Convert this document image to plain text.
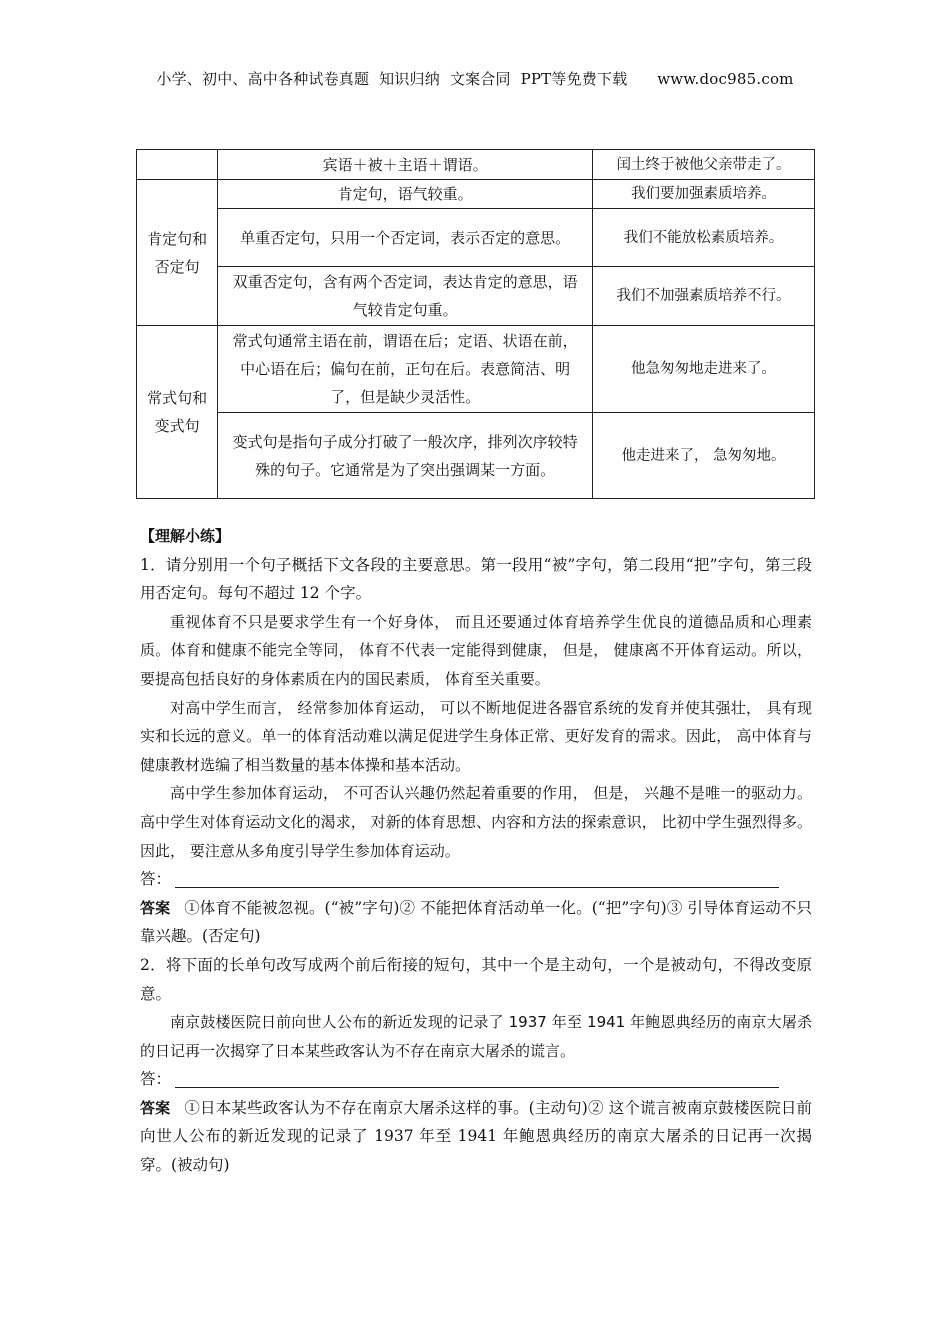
小学、初中、高中各种试卷真题  知识归纳  文案合同  PPT等免费下载      www.doc985.com
	宾语＋被＋主语＋谓语。	闰土终于被他父亲带走了。
肯定句和否定句	肯定句，语气较重。	我们要加强素质培养。
	单重否定句，只用一个否定词，表示否定的意思。	我们不能放松素质培养。
	双重否定句，含有两个否定词，表达肯定的意思，语气较肯定句重。	我们不加强素质培养不行。
常式句和变式句	常式句通常主语在前，谓语在后；定语、状语在前，中心语在后；偏句在前，正句在后。表意简洁、明了，但是缺少灵活性。	他急匆匆地走进来了。
	变式句是指句子成分打破了一般次序，排列次序较特殊的句子。它通常是为了突出强调某一方面。	他走进来了， 急匆匆地。

【理解小练】

1．请分别用一个句子概括下文各段的主要意思。第一段用“被”字句，第二段用“把”字句，第三段用否定句。每句不超过 12 个字。

重视体育不只是要求学生有一个好身体， 而且还要通过体育培养学生优良的道德品质和心理素质。体育和健康不能完全等同， 体育不代表一定能得到健康， 但是， 健康离不开体育运动。所以， 要提高包括良好的身体素质在内的国民素质， 体育至关重要。

对高中学生而言， 经常参加体育运动， 可以不断地促进各器官系统的发育并使其强壮， 具有现实和长远的意义。单一的体育活动难以满足促进学生身体正常、更好发育的需求。因此， 高中体育与健康教材选编了相当数量的基本体操和基本活动。

高中学生参加体育运动， 不可否认兴趣仍然起着重要的作用， 但是， 兴趣不是唯一的驱动力。高中学生对体育运动文化的渴求， 对新的体育思想、内容和方法的探索意识， 比初中学生强烈得多。因此， 要注意从多角度引导学生参加体育运动。

答：

答案 ①体育不能被忽视。(“被”字句)② 不能把体育活动单一化。(“把”字句)③ 引导体育运动不只靠兴趣。(否定句)

2．将下面的长单句改写成两个前后衔接的短句，其中一个是主动句，一个是被动句，不得改变原意。

南京鼓楼医院日前向世人公布的新近发现的记录了 1937 年至 1941 年鲍恩典经历的南京大屠杀的日记再一次揭穿了日本某些政客认为不存在南京大屠杀的谎言。

答：

答案 ①日本某些政客认为不存在南京大屠杀这样的事。(主动句)② 这个谎言被南京鼓楼医院日前向世人公布的新近发现的记录了 1937 年至 1941 年鲍恩典经历的南京大屠杀的日记再一次揭穿。(被动句)
